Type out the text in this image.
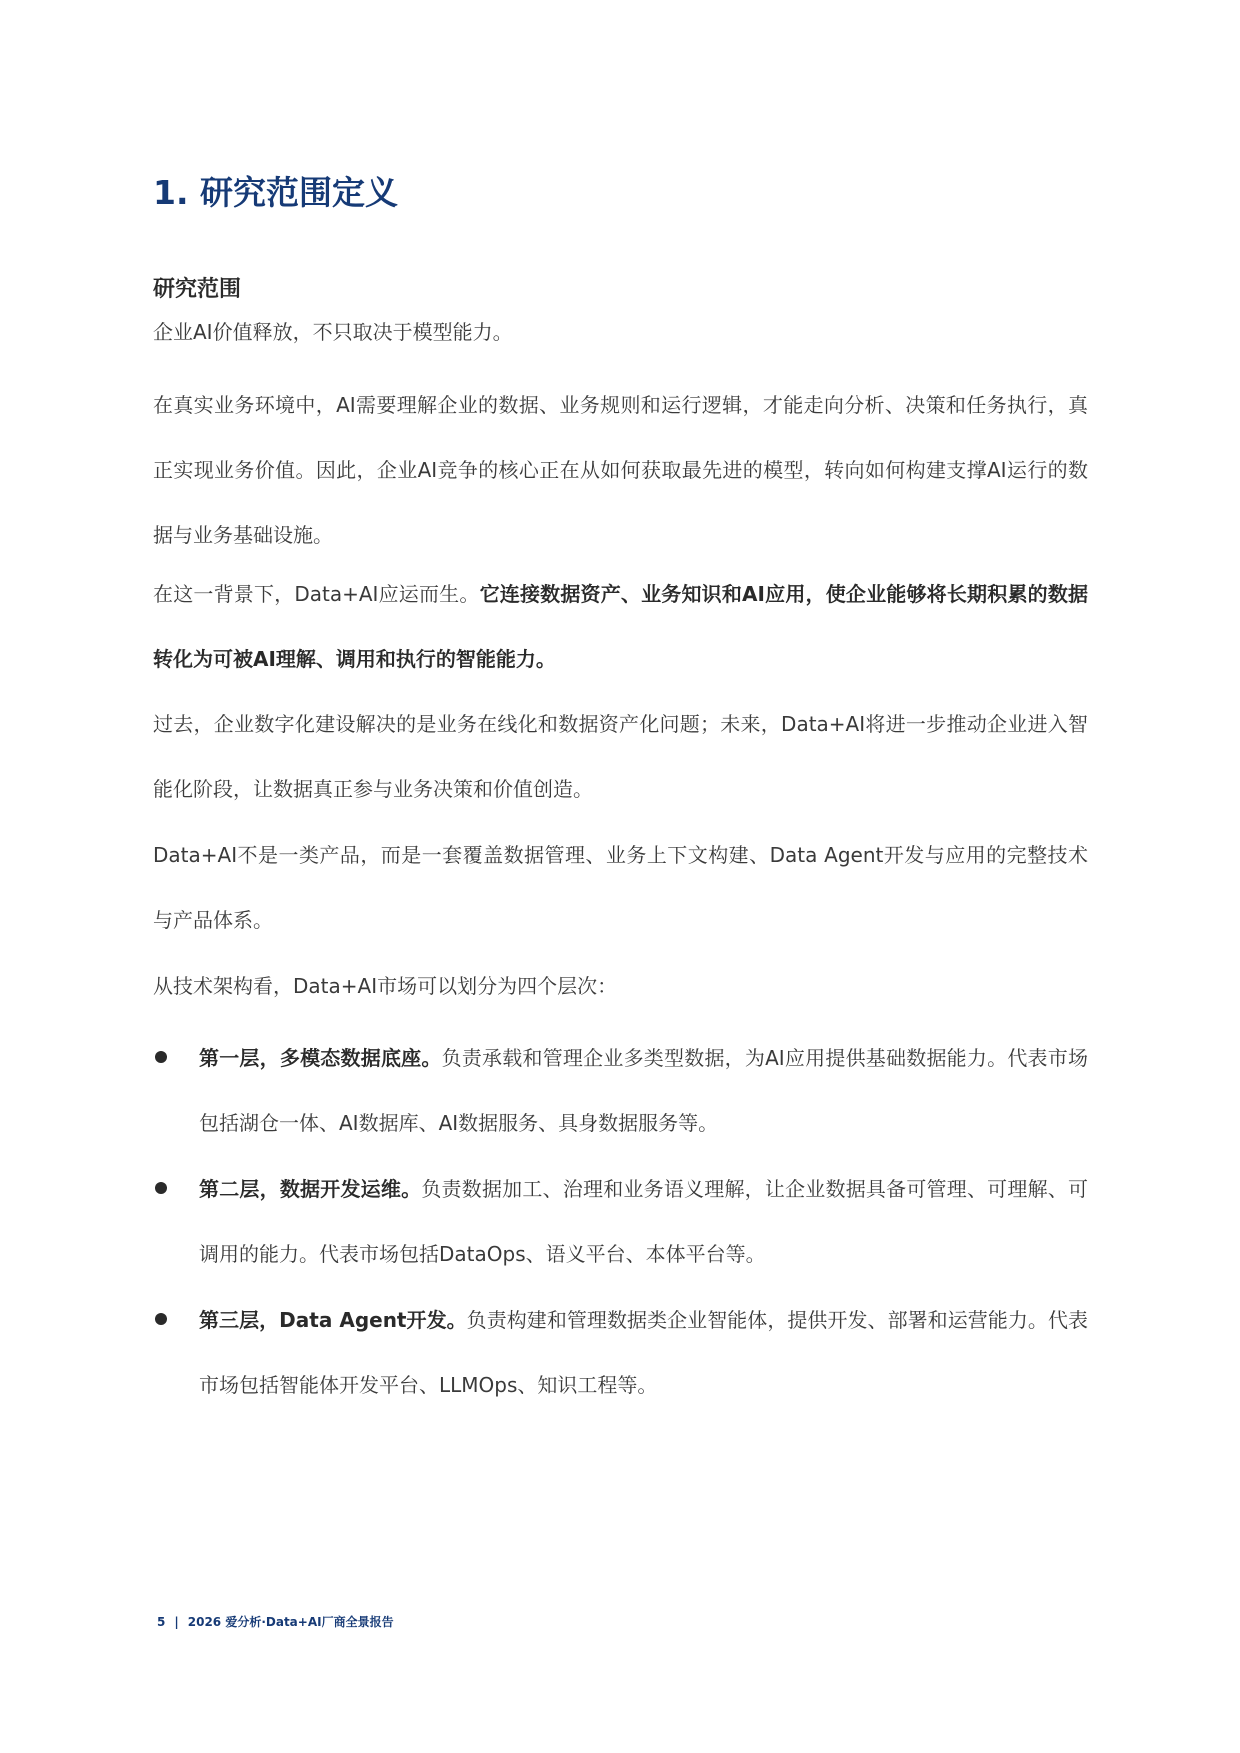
1. 研究范围定义
研究范围

企业AI价值释放，不只取决于模型能力。

在真实业务环境中，AI需要理解企业的数据、业务规则和运行逻辑，才能走向分析、决策和任务执行，真正实现业务价值。因此，企业AI竞争的核心正在从如何获取最先进的模型，转向如何构建支撑AI运行的数据与业务基础设施。

在这一背景下，Data+AI应运而生。它连接数据资产、业务知识和AI应用，使企业能够将长期积累的数据转化为可被AI理解、调用和执行的智能能力。

过去，企业数字化建设解决的是业务在线化和数据资产化问题；未来，Data+AI将进一步推动企业进入智能化阶段，让数据真正参与业务决策和价值创造。

Data+AI不是一类产品，而是一套覆盖数据管理、业务上下文构建、Data Agent开发与应用的完整技术与产品体系。

从技术架构看，Data+AI市场可以划分为四个层次：

第一层，多模态数据底座。负责承载和管理企业多类型数据，为AI应用提供基础数据能力。代表市场包括湖仓一体、AI数据库、AI数据服务、具身数据服务等。

第二层，数据开发运维。负责数据加工、治理和业务语义理解，让企业数据具备可管理、可理解、可调用的能力。代表市场包括DataOps、语义平台、本体平台等。

第三层，Data Agent开发。负责构建和管理数据类企业智能体，提供开发、部署和运营能力。代表市场包括智能体开发平台、LLMOps、知识工程等。

5 | 2026 爱分析·Data+AI厂商全景报告
